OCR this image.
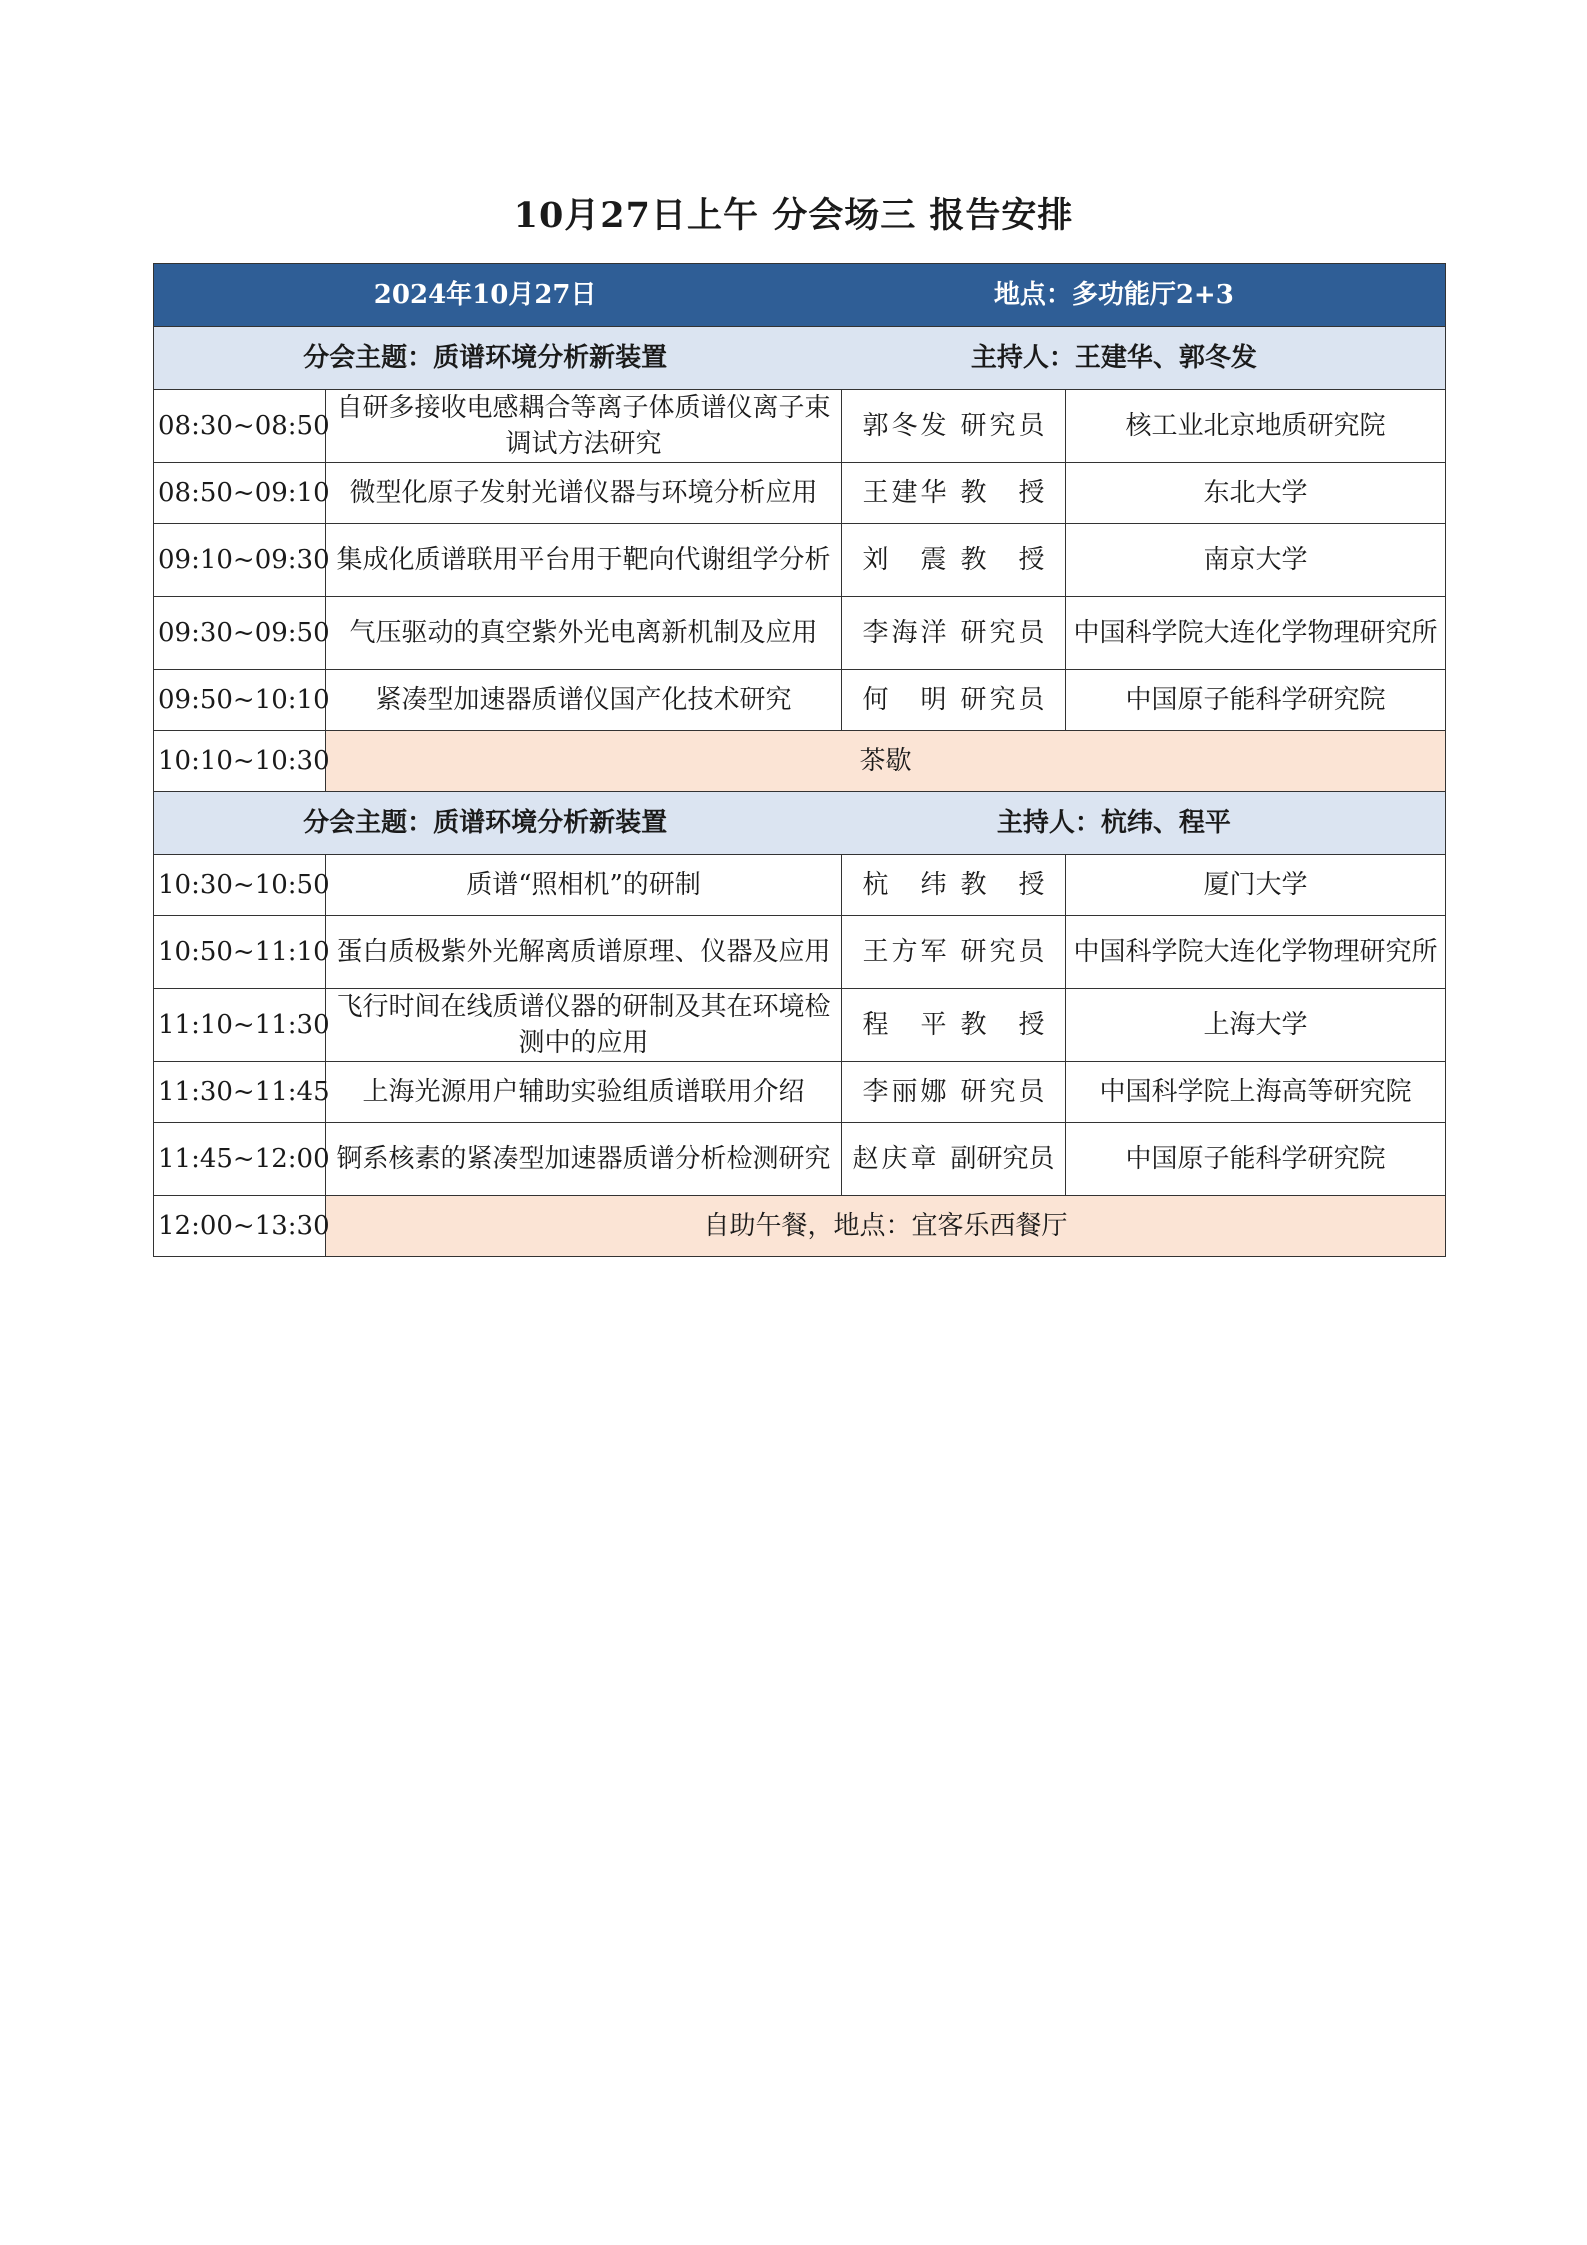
10月27日上午 分会场三 报告安排
2024年10月27日 地点：多功能厅2+3			
分会主题：质谱环境分析新装置 主持人：王建华、郭冬发			
08:30~08:50	自研多接收电感耦合等离子体质谱仪离子束调试方法研究	郭冬发 研究员	核工业北京地质研究院
08:50~09:10	微型化原子发射光谱仪器与环境分析应用	王建华 教授	东北大学
09:10~09:30	集成化质谱联用平台用于靶向代谢组学分析	刘震 教授	南京大学
09:30~09:50	气压驱动的真空紫外光电离新机制及应用	李海洋 研究员	中国科学院大连化学物理研究所
09:50~10:10	紧凑型加速器质谱仪国产化技术研究	何明 研究员	中国原子能科学研究院
10:10~10:30	茶歇		
分会主题：质谱环境分析新装置 主持人：杭纬、程平			
10:30~10:50	质谱“照相机”的研制	杭纬 教授	厦门大学
10:50~11:10	蛋白质极紫外光解离质谱原理、仪器及应用	王方军 研究员	中国科学院大连化学物理研究所
11:10~11:30	飞行时间在线质谱仪器的研制及其在环境检测中的应用	程平 教授	上海大学
11:30~11:45	上海光源用户辅助实验组质谱联用介绍	李丽娜 研究员	中国科学院上海高等研究院
11:45~12:00	锕系核素的紧凑型加速器质谱分析检测研究	赵庆章 副研究员	中国原子能科学研究院
12:00~13:30	自助午餐，地点：宜客乐西餐厅		
